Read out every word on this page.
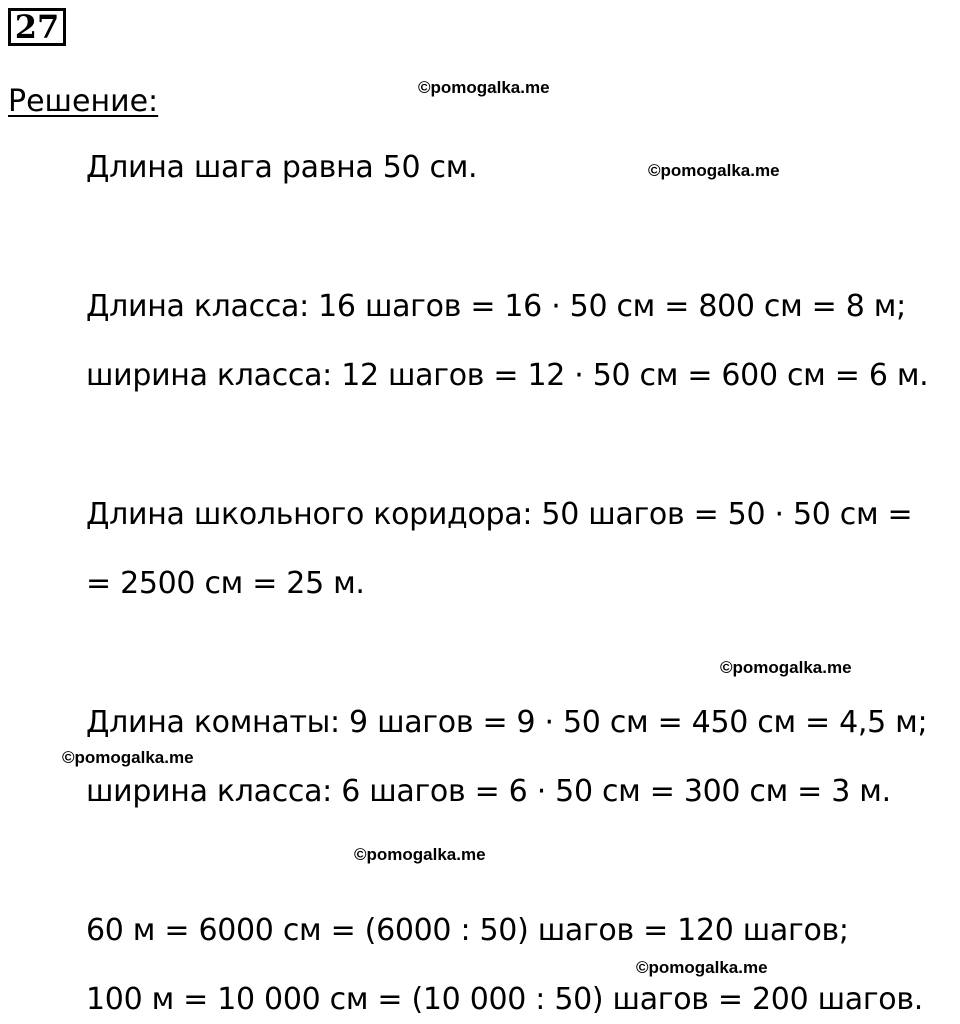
27
Решение:
Длина шага равна 50 см.
Длина класса: 16 шагов = 16 · 50 см = 800 см = 8 м;
ширина класса: 12 шагов = 12 · 50 см = 600 см = 6 м.
Длина школьного коридора: 50 шагов = 50 · 50 см =
= 2500 см = 25 м.
Длина комнаты: 9 шагов = 9 · 50 см = 450 см = 4,5 м;
ширина класса: 6 шагов = 6 · 50 см = 300 см = 3 м.
60 м = 6000 см = (6000 : 50) шагов = 120 шагов;
100 м = 10 000 см = (10 000 : 50) шагов = 200 шагов.
©pomogalka.me
©pomogalka.me
©pomogalka.me
©pomogalka.me
©pomogalka.me
©pomogalka.me
